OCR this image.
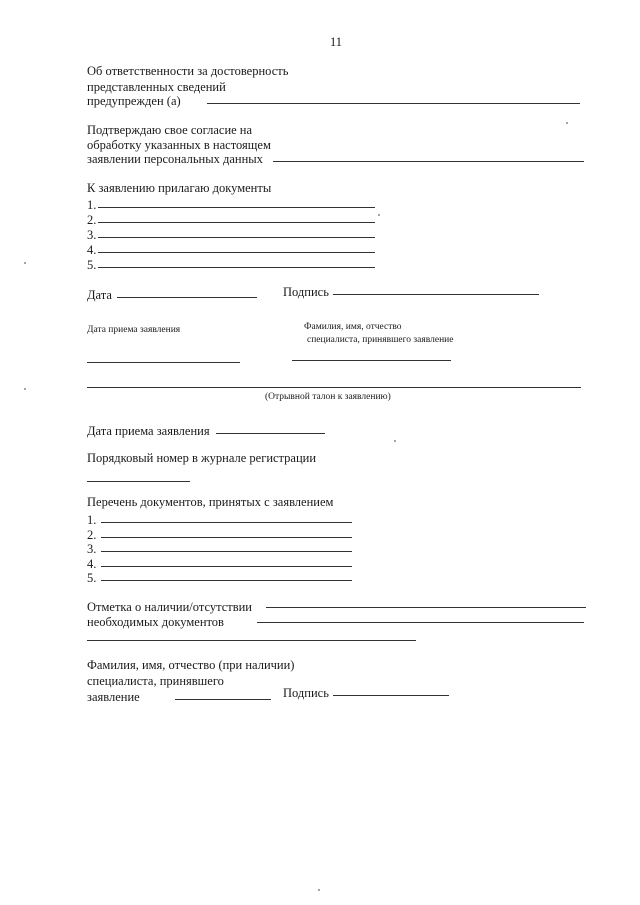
11
Об ответственности за достоверность
представленных сведений
предупрежден (а)
Подтверждаю свое согласие на
обработку указанных в настоящем
заявлении персональных данных
К заявлению прилагаю документы
1.
2.
3.
4.
5.
Дата	Подпись
Дата приема заявления	Фамилия, имя, отчество
специалиста, принявшего заявление
(Отрывной талон к заявлению)
Дата приема заявления
Порядковый номер в журнале регистрации
Перечень документов, принятых с заявлением
1.
2.
3.
4.
5.
Отметка о наличии/отсутствии
необходимых документов
Фамилия, имя, отчество (при наличии)
специалиста, принявшего
заявление	Подпись
